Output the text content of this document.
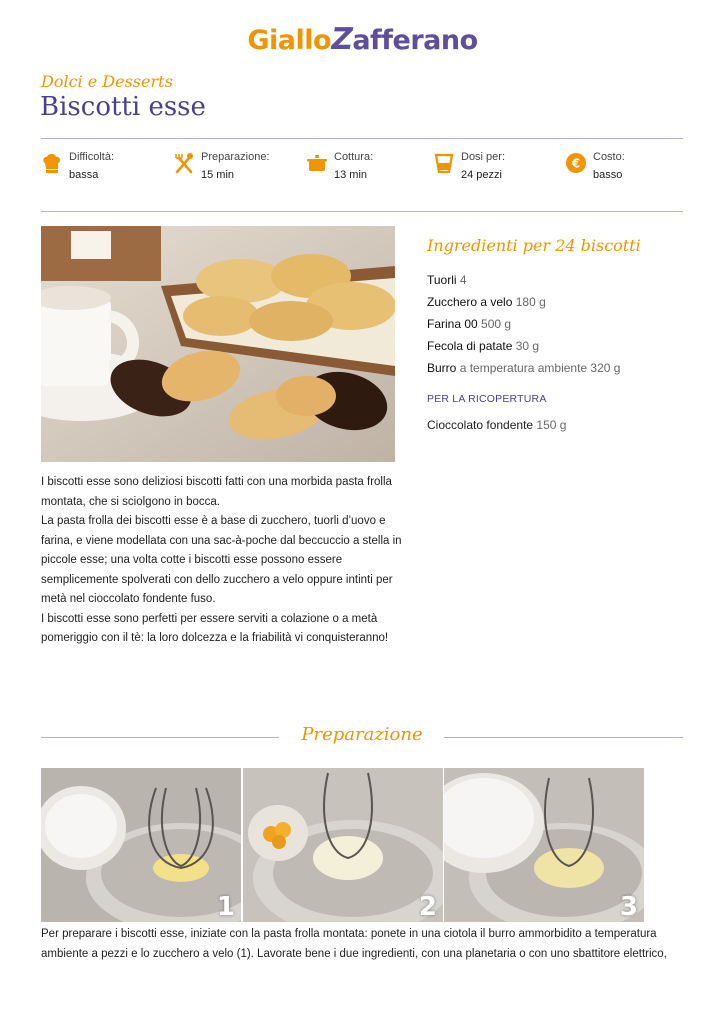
GialloZafferano
Dolci e Desserts
Biscotti esse
Difficoltà:
bassa
Preparazione:
15 min
Cottura:
13 min
Dosi per:
24 pezzi
€ Costo:
basso
Ingredienti per 24 biscotti
Tuorli 4
Zucchero a velo 180 g
Farina 00 500 g
Fecola di patate 30 g
Burro a temperatura ambiente 320 g
PER LA RICOPERTURA
Cioccolato fondente 150 g

I biscotti esse sono deliziosi biscotti fatti con una morbida pasta frolla montata, che si sciolgono in bocca.

La pasta frolla dei biscotti esse è a base di zucchero, tuorli d’uovo e farina, e viene modellata con una sac-à-poche dal beccuccio a stella in piccole esse; una volta cotte i biscotti esse possono essere semplicemente spolverati con dello zucchero a velo oppure intinti per metà nel cioccolato fondente fuso.

I biscotti esse sono perfetti per essere serviti a colazione o a metà pomeriggio con il tè: la loro dolcezza e la friabilità vi conquisteranno!

Preparazione
1	2	3

Per preparare i biscotti esse, iniziate con la pasta frolla montata: ponete in una ciotola il burro ammorbidito a temperatura ambiente a pezzi e lo zucchero a velo (1). Lavorate bene i due ingredienti, con una planetaria o con uno sbattitore elettrico,
